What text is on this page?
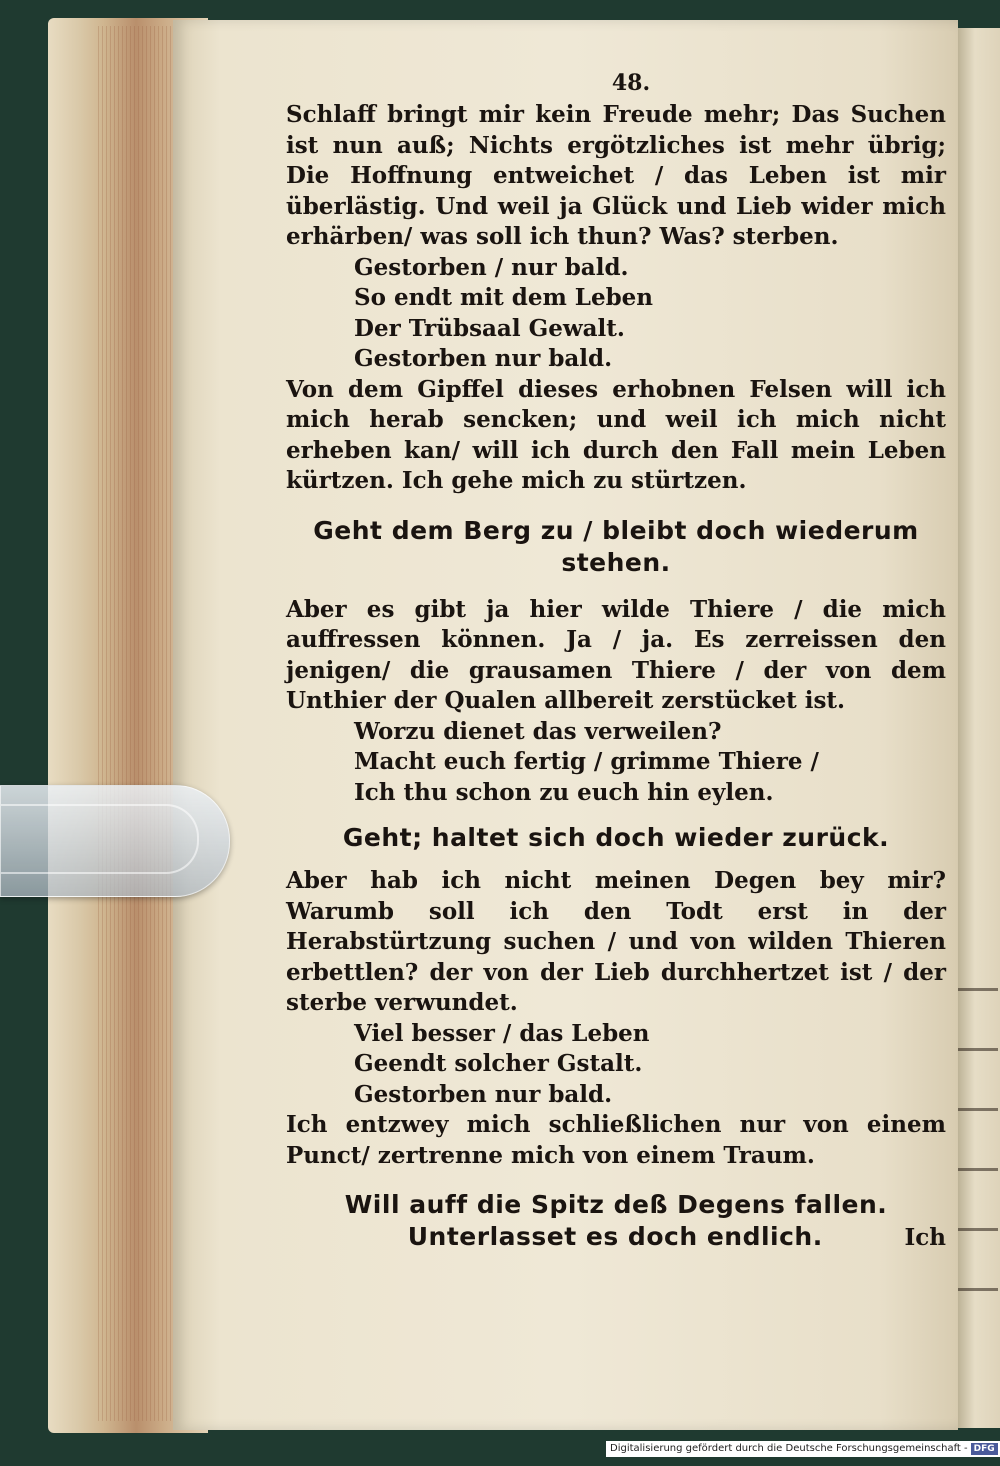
48.

Schlaff bringt mir kein Freude mehr; Das Suchen ist nun auß; Nichts ergötzliches ist mehr übrig; Die Hoffnung entweichet / das Leben ist mir überlästig. Und weil ja Glück und Lieb wider mich erhärben/ was soll ich thun? Was? sterben.

Gestorben / nur bald.

So endt mit dem Leben

Der Trübsaal Gewalt.

Gestorben nur bald.

Von dem Gipffel dieses erhobnen Felsen will ich mich herab sencken; und weil ich mich nicht erheben kan/ will ich durch den Fall mein Leben kürtzen. Ich gehe mich zu stürtzen.

Geht dem Berg zu / bleibt doch wiederum stehen.

Aber es gibt ja hier wilde Thiere / die mich auffressen können. Ja / ja. Es zerreissen den jenigen/ die grausamen Thiere / der von dem Unthier der Qualen allbereit zerstücket ist.

Worzu dienet das verweilen?

Macht euch fertig / grimme Thiere /

Ich thu schon zu euch hin eylen.

Geht; haltet sich doch wieder zurück.

Aber hab ich nicht meinen Degen bey mir? Warumb soll ich den Todt erst in der Herabstürtzung suchen / und von wilden Thieren erbettlen? der von der Lieb durchhertzet ist / der sterbe verwundet.

Viel besser / das Leben

Geendt solcher Gstalt.

Gestorben nur bald.

Ich entzwey mich schließlichen nur von einem Punct/ zertrenne mich von einem Traum.

Will auff die Spitz deß Degens fallen.
Unterlasset es doch endlich.	Ich
Digitalisierung gefördert durch die Deutsche Forschungsgemeinschaft - DFG
